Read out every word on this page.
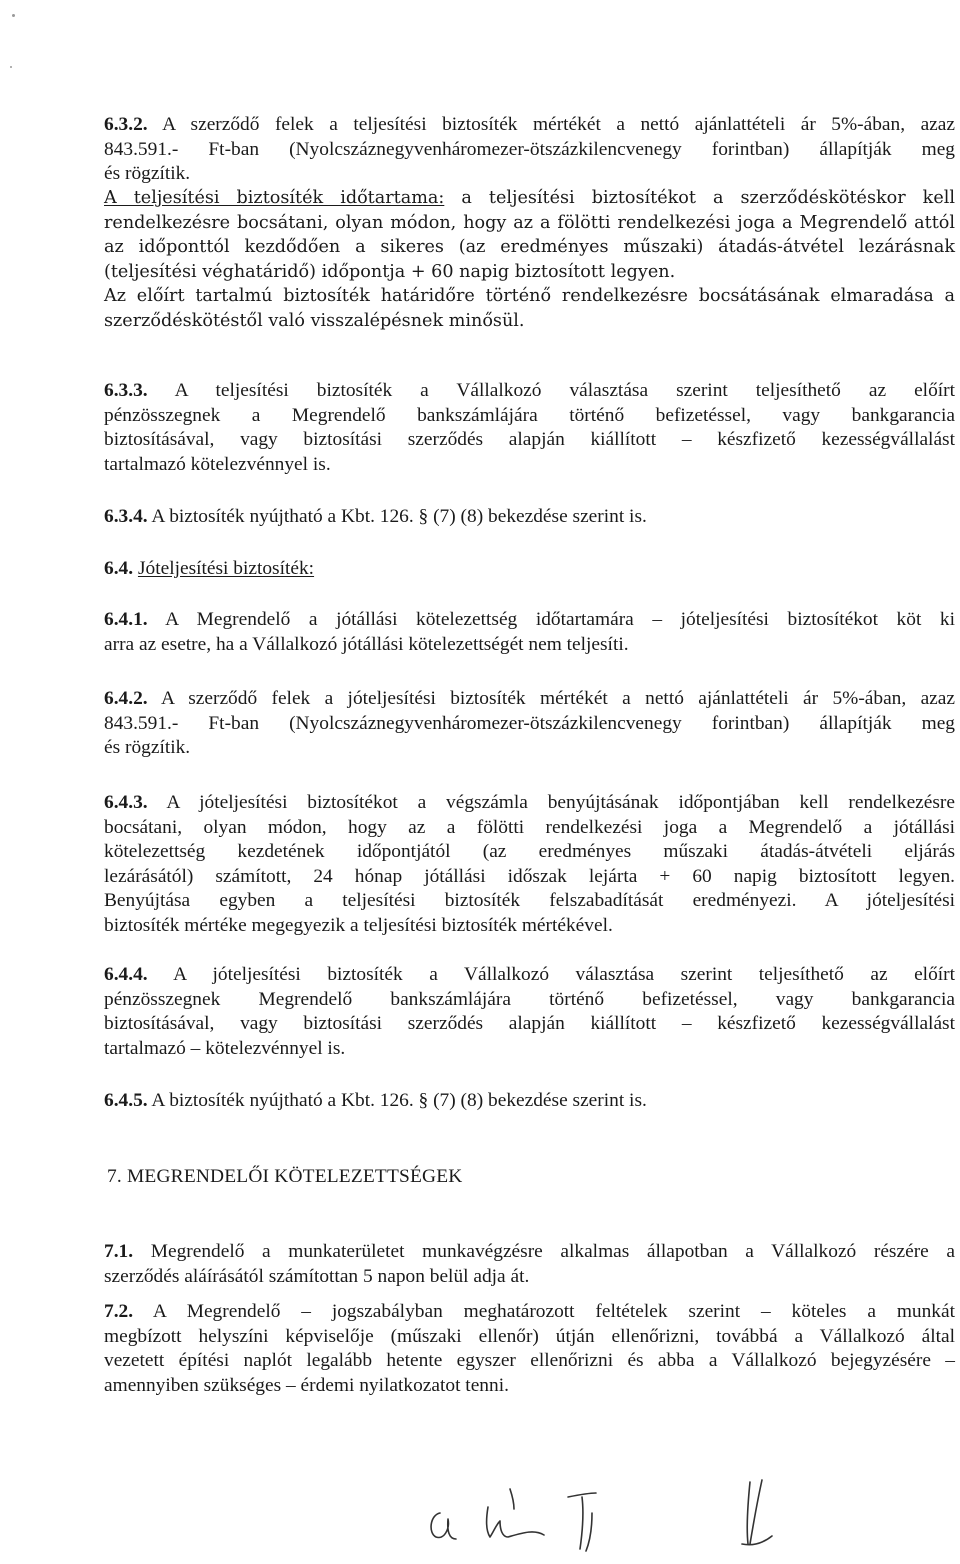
6.3.2. A szerződő felek a teljesítési biztosíték mértékét a nettó ajánlattételi ár 5%-ában, azaz
843.591.- Ft-ban (Nyolcszáznegyvenháromezer-ötszázkilencvenegy forintban) állapítják meg
és rögzítik.
A teljesítési biztosíték időtartama: a teljesítési biztosítékot a szerződéskötéskor kell
rendelkezésre bocsátani, olyan módon, hogy az a fölötti rendelkezési joga a Megrendelő attól
az időponttól kezdődően a sikeres (az eredményes műszaki) átadás-átvétel lezárásnak
(teljesítési véghatáridő) időpontja + 60 napig biztosított legyen.
Az előírt tartalmú biztosíték határidőre történő rendelkezésre bocsátásának elmaradása a
szerződéskötéstől való visszalépésnek minősül.
6.3.3. A teljesítési biztosíték a Vállalkozó választása szerint teljesíthető az előírt
pénzösszegnek a Megrendelő bankszámlájára történő befizetéssel, vagy bankgarancia
biztosításával, vagy biztosítási szerződés alapján kiállított – készfizető kezességvállalást
tartalmazó kötelezvénnyel is.
6.3.4. A biztosíték nyújtható a Kbt. 126. § (7) (8) bekezdése szerint is.
6.4. Jóteljesítési biztosíték:
6.4.1. A Megrendelő a jótállási kötelezettség időtartamára – jóteljesítési biztosítékot köt ki
arra az esetre, ha a Vállalkozó jótállási kötelezettségét nem teljesíti.
6.4.2. A szerződő felek a jóteljesítési biztosíték mértékét a nettó ajánlattételi ár 5%-ában, azaz
843.591.- Ft-ban (Nyolcszáznegyvenháromezer-ötszázkilencvenegy forintban) állapítják meg
és rögzítik.
6.4.3. A jóteljesítési biztosítékot a végszámla benyújtásának időpontjában kell rendelkezésre
bocsátani, olyan módon, hogy az a fölötti rendelkezési joga a Megrendelő a jótállási
kötelezettség kezdetének időpontjától (az eredményes műszaki átadás-átvételi eljárás
lezárásától) számított, 24 hónap jótállási időszak lejárta + 60 napig biztosított legyen.
Benyújtása egyben a teljesítési biztosíték felszabadítását eredményezi. A jóteljesítési
biztosíték mértéke megegyezik a teljesítési biztosíték mértékével.
6.4.4. A jóteljesítési biztosíték a Vállalkozó választása szerint teljesíthető az előírt
pénzösszegnek Megrendelő bankszámlájára történő befizetéssel, vagy bankgarancia
biztosításával, vagy biztosítási szerződés alapján kiállított – készfizető kezességvállalást
tartalmazó – kötelezvénnyel is.
6.4.5. A biztosíték nyújtható a Kbt. 126. § (7) (8) bekezdése szerint is.
7. MEGRENDELŐI KÖTELEZETTSÉGEK
7.1. Megrendelő a munkaterületet munkavégzésre alkalmas állapotban a Vállalkozó részére a
szerződés aláírásától számítottan 5 napon belül adja át.
7.2. A Megrendelő – jogszabályban meghatározott feltételek szerint – köteles a munkát
megbízott helyszíni képviselője (műszaki ellenőr) útján ellenőrizni, továbbá a Vállalkozó által
vezetett építési naplót legalább hetente egyszer ellenőrizni és abba a Vállalkozó bejegyzésére –
amennyiben szükséges – érdemi nyilatkozatot tenni.
